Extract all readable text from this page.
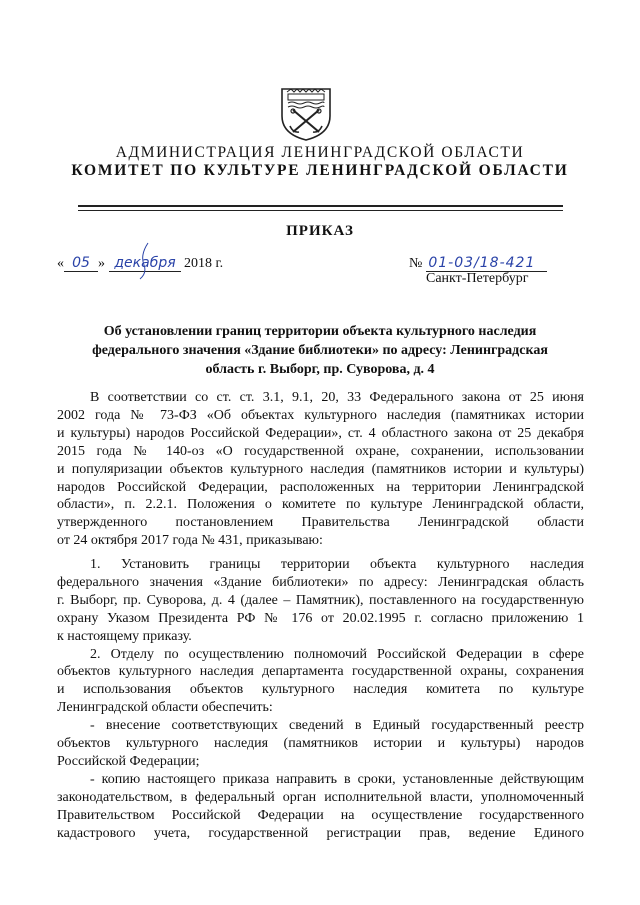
АДМИНИСТРАЦИЯ ЛЕНИНГРАДСКОЙ ОБЛАСТИ
КОМИТЕТ ПО КУЛЬТУРЕ ЛЕНИНГРАДСКОЙ ОБЛАСТИ
ПРИКАЗ
« 05 » декабря 2018 г.	№ 01-03/18-421
Санкт-Петербург
Об установлении границ территории объекта культурного наследия
федерального значения «Здание библиотеки» по адресу: Ленинградская
область г. Выборг, пр. Суворова, д. 4
В соответствии со ст. ст. 3.1, 9.1, 20, 33 Федерального закона от 25 июня
2002 года № 73-ФЗ «Об объектах культурного наследия (памятниках истории
и культуры) народов Российской Федерации», ст. 4 областного закона от 25 декабря
2015 года № 140-оз «О государственной охране, сохранении, использовании
и популяризации объектов культурного наследия (памятников истории и культуры)
народов Российской Федерации, расположенных на территории Ленинградской
области», п. 2.2.1. Положения о комитете по культуре Ленинградской области,
утвержденного постановлением Правительства Ленинградской области
от 24 октября 2017 года № 431, приказываю:
1. Установить границы территории объекта культурного наследия
федерального значения «Здание библиотеки» по адресу: Ленинградская область
г. Выборг, пр. Суворова, д. 4 (далее – Памятник), поставленного на государственную
охрану Указом Президента РФ № 176 от 20.02.1995 г. согласно приложению 1
к настоящему приказу.
2. Отделу по осуществлению полномочий Российской Федерации в сфере
объектов культурного наследия департамента государственной охраны, сохранения
и использования объектов культурного наследия комитета по культуре
Ленинградской области обеспечить:
- внесение соответствующих сведений в Единый государственный реестр
объектов культурного наследия (памятников истории и культуры) народов
Российской Федерации;
- копию настоящего приказа направить в сроки, установленные действующим
законодательством, в федеральный орган исполнительной власти, уполномоченный
Правительством Российской Федерации на осуществление государственного
кадастрового учета, государственной регистрации прав, ведение Единого
